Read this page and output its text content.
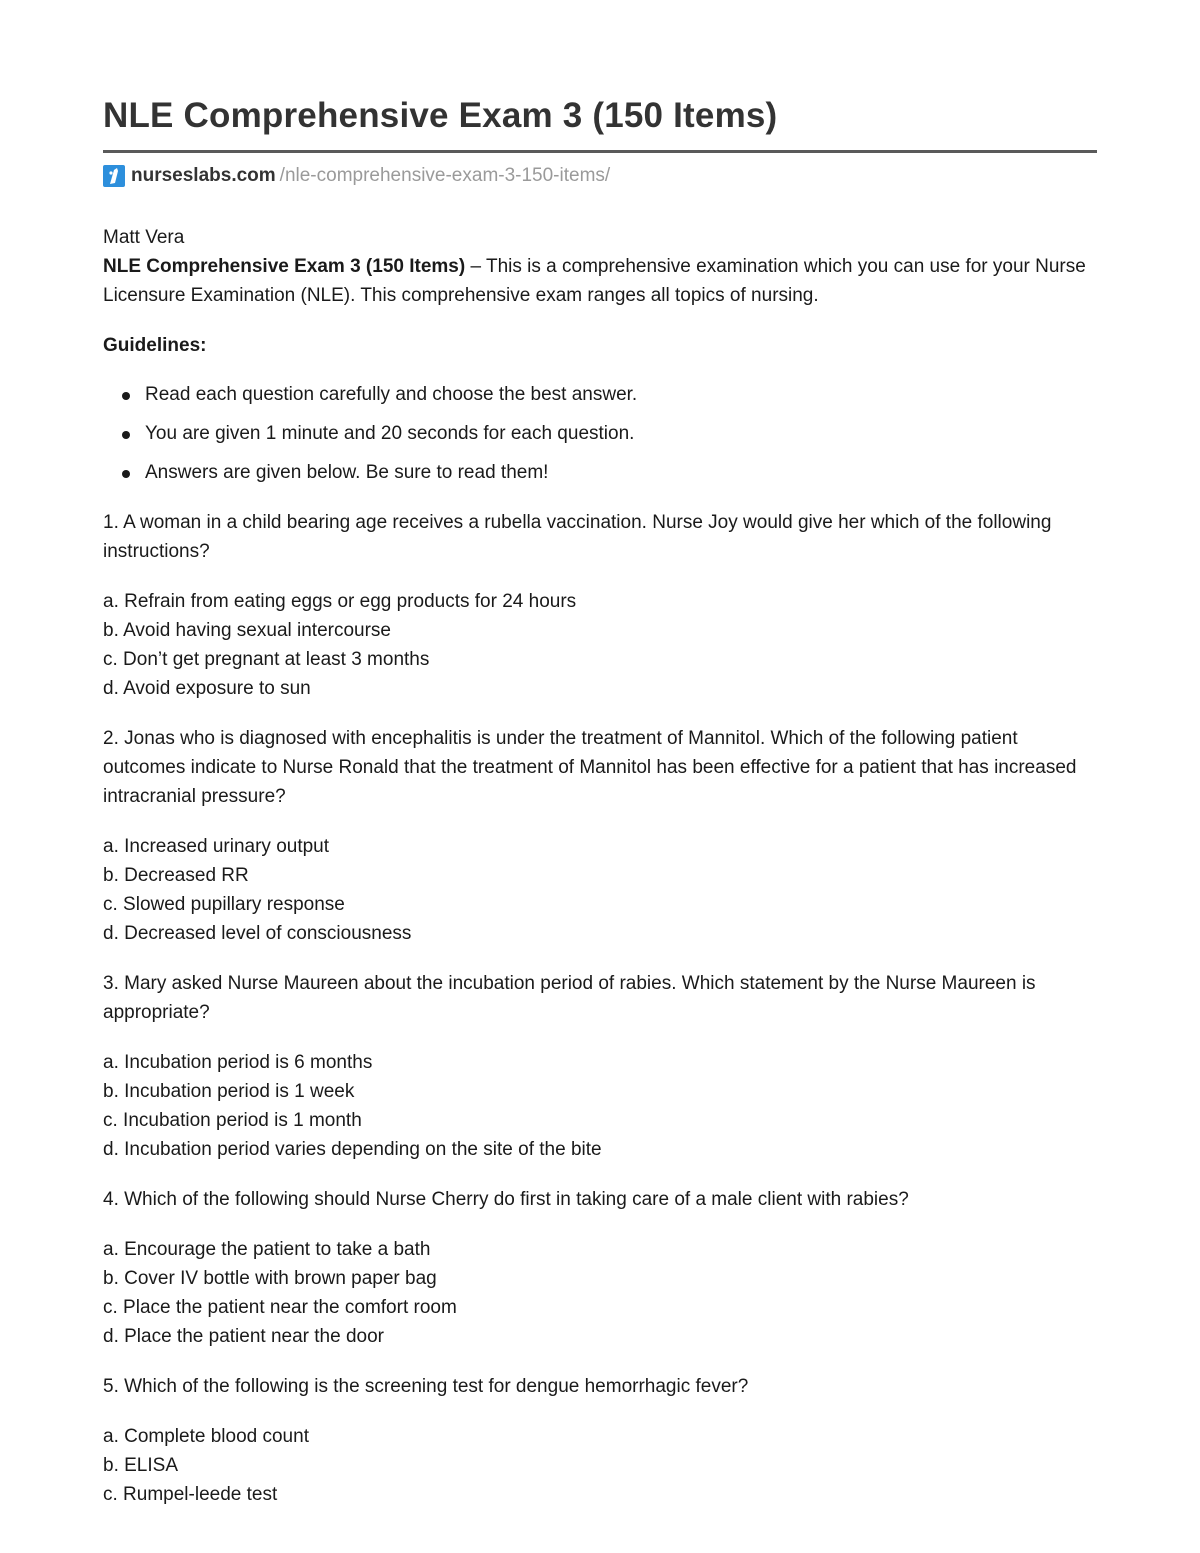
NLE Comprehensive Exam 3 (150 Items)
nurseslabs.com /nle-comprehensive-exam-3-150-items/

Matt Vera

NLE Comprehensive Exam 3 (150 Items) – This is a comprehensive examination which you can use for your Nurse Licensure Examination (NLE). This comprehensive exam ranges all topics of nursing.

Guidelines:

Read each question carefully and choose the best answer.
You are given 1 minute and 20 seconds for each question.
Answers are given below. Be sure to read them!

1. A woman in a child bearing age receives a rubella vaccination. Nurse Joy would give her which of the following instructions?

a. Refrain from eating eggs or egg products for 24 hours
b. Avoid having sexual intercourse
c. Don’t get pregnant at least 3 months
d. Avoid exposure to sun

2. Jonas who is diagnosed with encephalitis is under the treatment of Mannitol. Which of the following patient outcomes indicate to Nurse Ronald that the treatment of Mannitol has been effective for a patient that has increased intracranial pressure?

a. Increased urinary output
b. Decreased RR
c. Slowed pupillary response
d. Decreased level of consciousness

3. Mary asked Nurse Maureen about the incubation period of rabies. Which statement by the Nurse Maureen is appropriate?

a. Incubation period is 6 months
b. Incubation period is 1 week
c. Incubation period is 1 month
d. Incubation period varies depending on the site of the bite

4. Which of the following should Nurse Cherry do first in taking care of a male client with rabies?

a. Encourage the patient to take a bath
b. Cover IV bottle with brown paper bag
c. Place the patient near the comfort room
d. Place the patient near the door

5. Which of the following is the screening test for dengue hemorrhagic fever?

a. Complete blood count
b. ELISA
c. Rumpel-leede test
